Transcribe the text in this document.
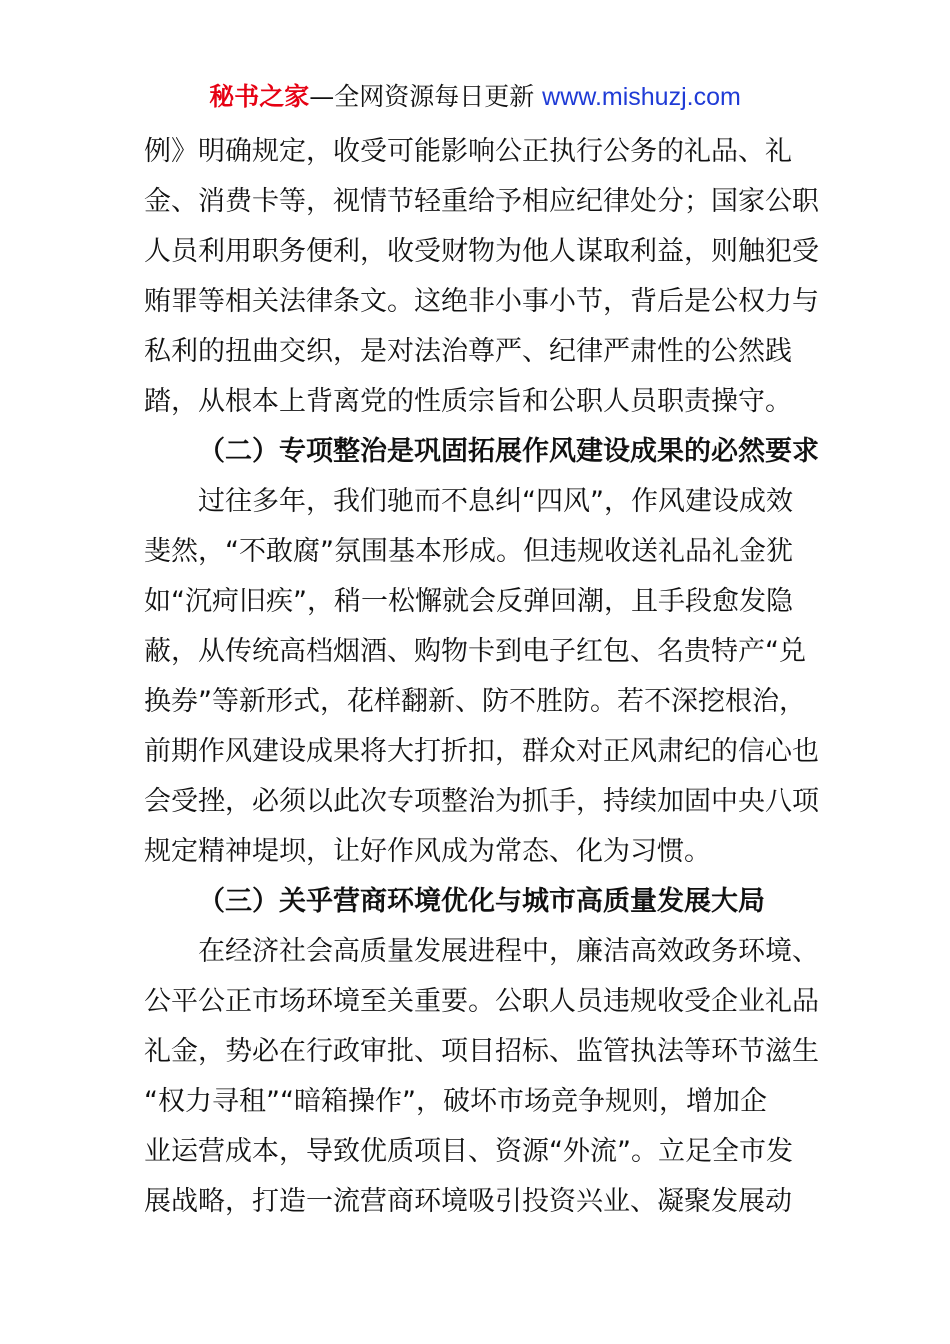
秘书之家—全网资源每日更新 www.mishuzj.com
例》明确规定，收受可能影响公正执行公务的礼品、礼
金、消费卡等，视情节轻重给予相应纪律处分；国家公职
人员利用职务便利，收受财物为他人谋取利益，则触犯受
贿罪等相关法律条文。这绝非小事小节，背后是公权力与
私利的扭曲交织，是对法治尊严、纪律严肃性的公然践
踏，从根本上背离党的性质宗旨和公职人员职责操守。
（二）专项整治是巩固拓展作风建设成果的必然要求
过往多年，我们驰而不息纠“四风”，作风建设成效
斐然，“不敢腐”氛围基本形成。但违规收送礼品礼金犹
如“沉疴旧疾”，稍一松懈就会反弹回潮，且手段愈发隐
蔽，从传统高档烟酒、购物卡到电子红包、名贵特产“兑
换券”等新形式，花样翻新、防不胜防。若不深挖根治，
前期作风建设成果将大打折扣，群众对正风肃纪的信心也
会受挫，必须以此次专项整治为抓手，持续加固中央八项
规定精神堤坝，让好作风成为常态、化为习惯。
（三）关乎营商环境优化与城市高质量发展大局
在经济社会高质量发展进程中，廉洁高效政务环境、
公平公正市场环境至关重要。公职人员违规收受企业礼品
礼金，势必在行政审批、项目招标、监管执法等环节滋生
“权力寻租”“暗箱操作”，破坏市场竞争规则，增加企
业运营成本，导致优质项目、资源“外流”。立足全市发
展战略，打造一流营商环境吸引投资兴业、凝聚发展动
